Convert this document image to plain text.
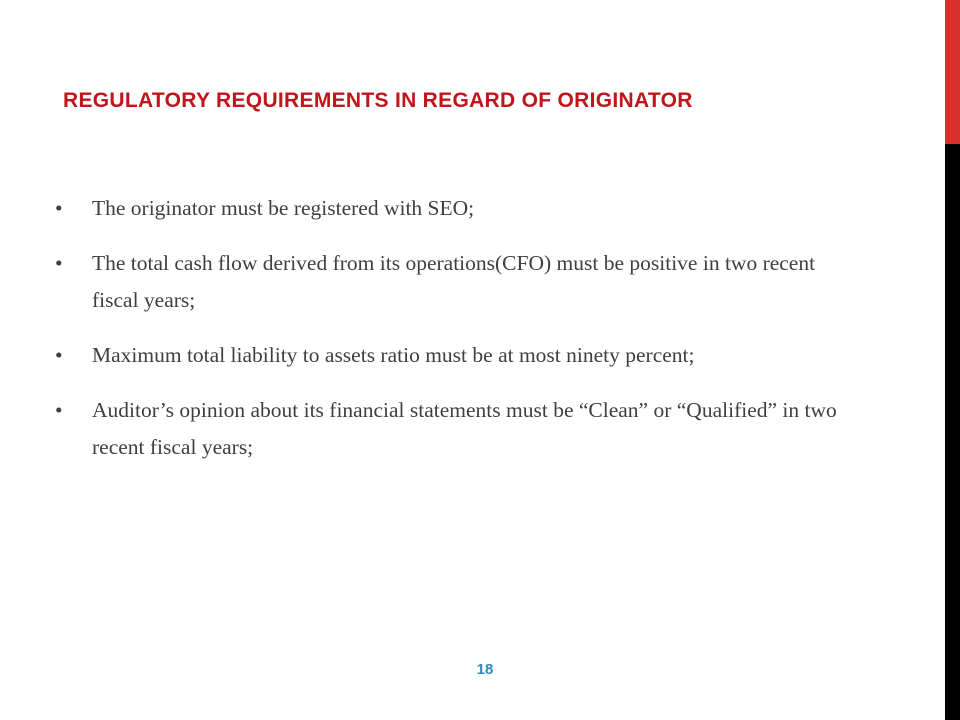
REGULATORY REQUIREMENTS IN REGARD OF ORIGINATOR
•	The originator must be registered with SEO;
•	The total cash flow derived from its operations(CFO) must be positive in two recent fiscal years;
•	Maximum total liability to assets ratio must be at most ninety percent;
•	Auditor’s opinion about its financial statements must be “Clean” or “Qualified” in two recent fiscal years;
18
